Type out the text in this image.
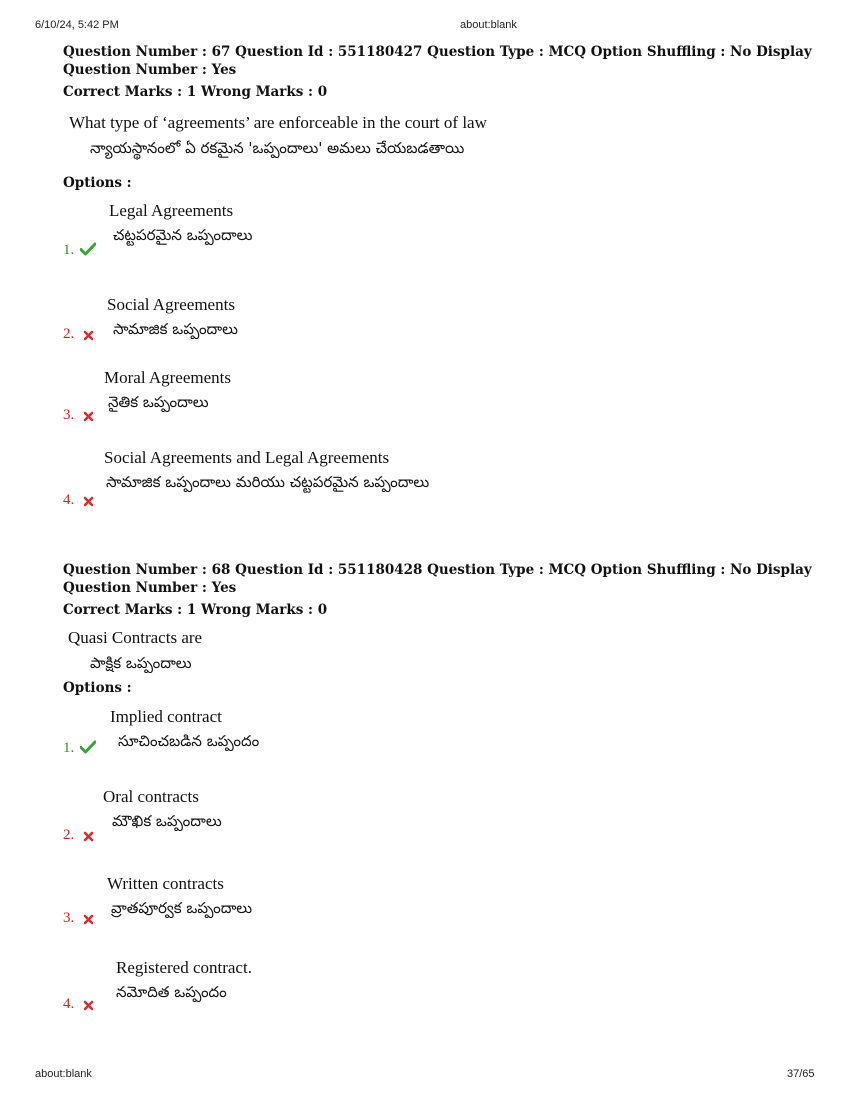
6/10/24, 5:42 PM	about:blank
Question Number : 67 Question Id : 551180427 Question Type : MCQ Option Shuffling : No Display
Question Number : Yes
Correct Marks : 1 Wrong Marks : 0
What type of ‘agreements’ are enforceable in the court of law
న్యాయస్థానంలో ఏ రకమైన 'ఒప్పందాలు' అమలు చేయబడతాయి
Options :
Legal Agreements
చట్టపరమైన ఒప్పందాలు
1.
Social Agreements
సామాజిక ఒప్పందాలు
2.
Moral Agreements
నైతిక ఒప్పందాలు
3.
Social Agreements and Legal Agreements
సామాజిక ఒప్పందాలు మరియు చట్టపరమైన ఒప్పందాలు
4.
Question Number : 68 Question Id : 551180428 Question Type : MCQ Option Shuffling : No Display
Question Number : Yes
Correct Marks : 1 Wrong Marks : 0
Quasi Contracts are
పాక్షిక ఒప్పందాలు
Options :
Implied contract
సూచించబడిన ఒప్పందం
1.
Oral contracts
మౌఖిక ఒప్పందాలు
2.
Written contracts
వ్రాతపూర్వక ఒప్పందాలు
3.
Registered contract.
నమోదిత ఒప్పందం
4.
about:blank	37/65
